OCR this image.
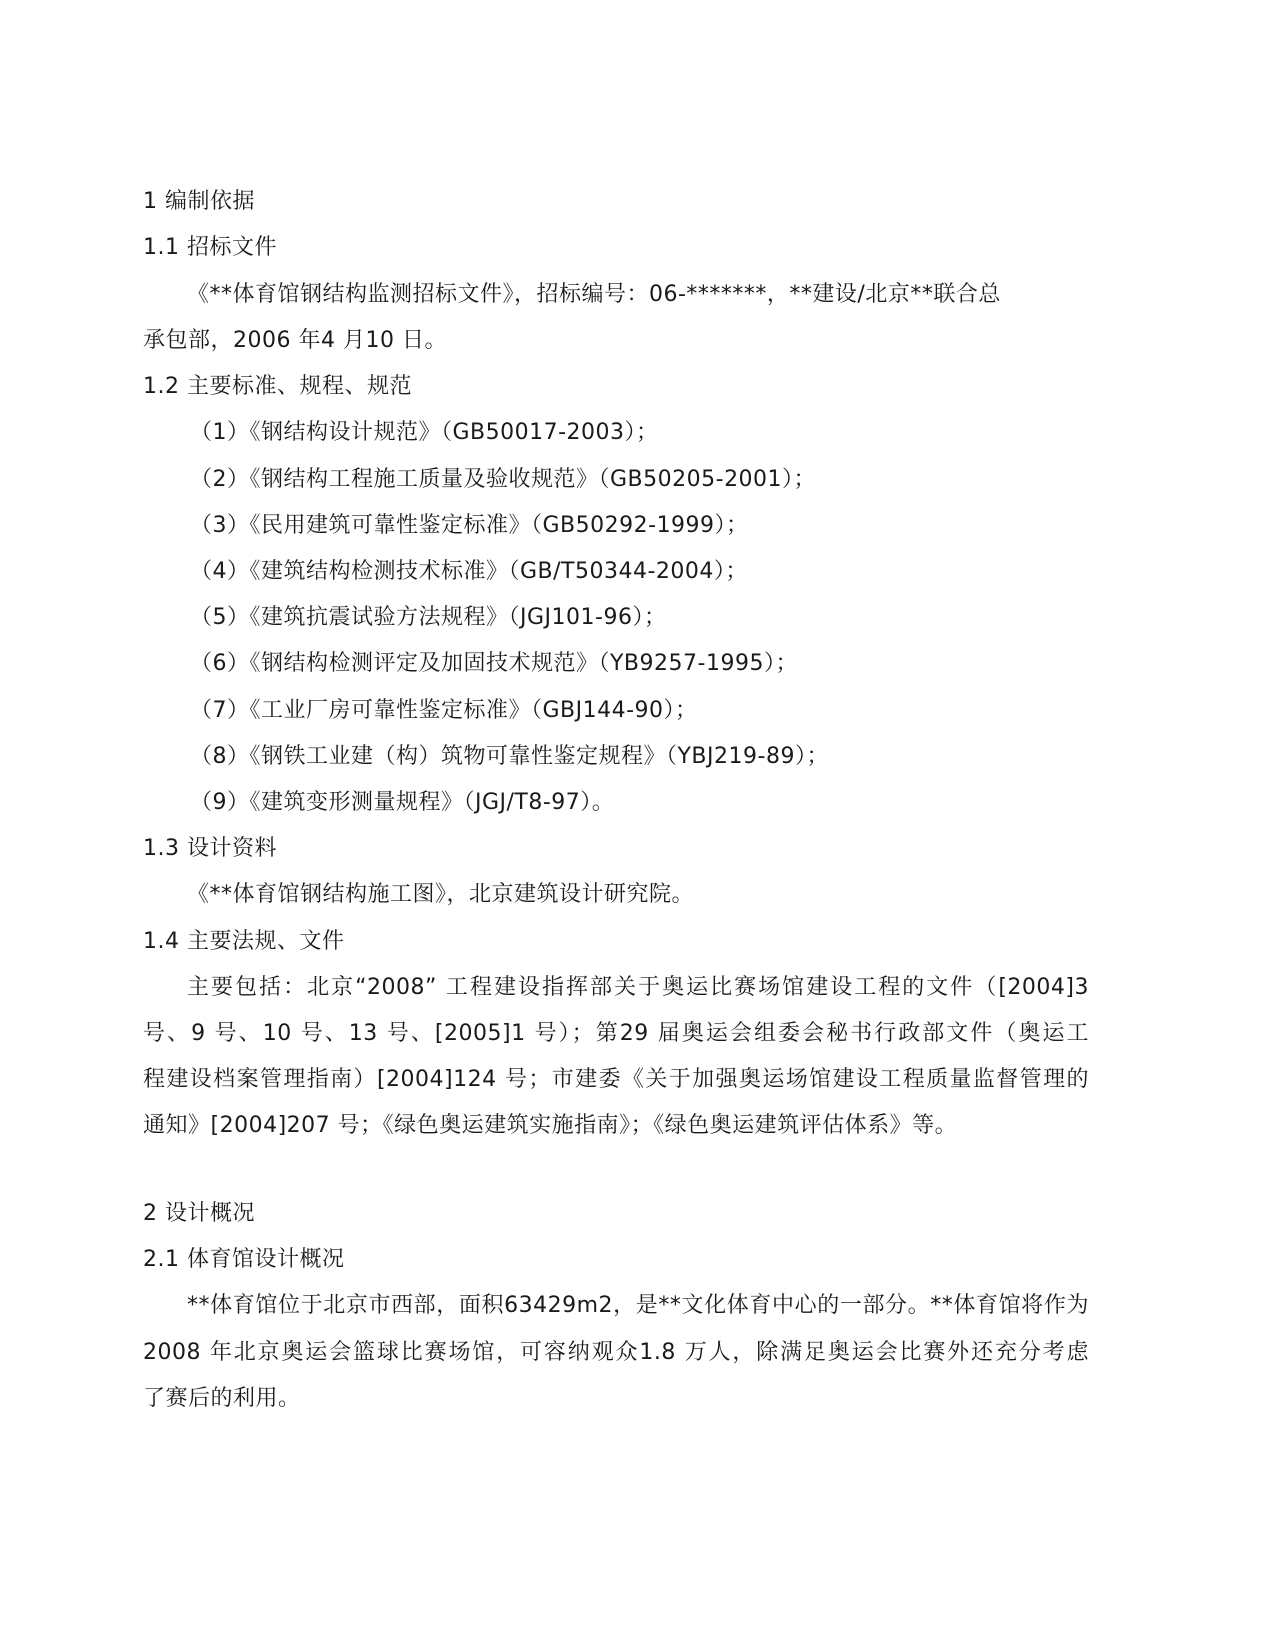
1 编制依据
1.1 招标文件
《**体育馆钢结构监测招标文件》，招标编号：06-*******，**建设/北京**联合总
承包部，2006 年4 月10 日。
1.2 主要标准、规程、规范
（1）《钢结构设计规范》（GB50017-2003）；
（2）《钢结构工程施工质量及验收规范》（GB50205-2001）；
（3）《民用建筑可靠性鉴定标准》（GB50292-1999）；
（4）《建筑结构检测技术标准》（GB/T50344-2004）；
（5）《建筑抗震试验方法规程》（JGJ101-96）；
（6）《钢结构检测评定及加固技术规范》（YB9257-1995）；
（7）《工业厂房可靠性鉴定标准》（GBJ144-90）；
（8）《钢铁工业建（构）筑物可靠性鉴定规程》（YBJ219-89）；
（9）《建筑变形测量规程》（JGJ/T8-97）。
1.3 设计资料
《**体育馆钢结构施工图》，北京建筑设计研究院。
1.4 主要法规、文件
主要包括：北京“2008” 工程建设指挥部关于奥运比赛场馆建设工程的文件（[2004]3
号、9 号、10 号、13 号、[2005]1 号）；第29 届奥运会组委会秘书行政部文件（奥运工
程建设档案管理指南）[2004]124 号；市建委《关于加强奥运场馆建设工程质量监督管理的
通知》[2004]207 号；《绿色奥运建筑实施指南》；《绿色奥运建筑评估体系》等。
2 设计概况
2.1 体育馆设计概况
**体育馆位于北京市西部，面积63429m2，是**文化体育中心的一部分。**体育馆将作为
2008 年北京奥运会篮球比赛场馆，可容纳观众1.8 万人，除满足奥运会比赛外还充分考虑
了赛后的利用。
